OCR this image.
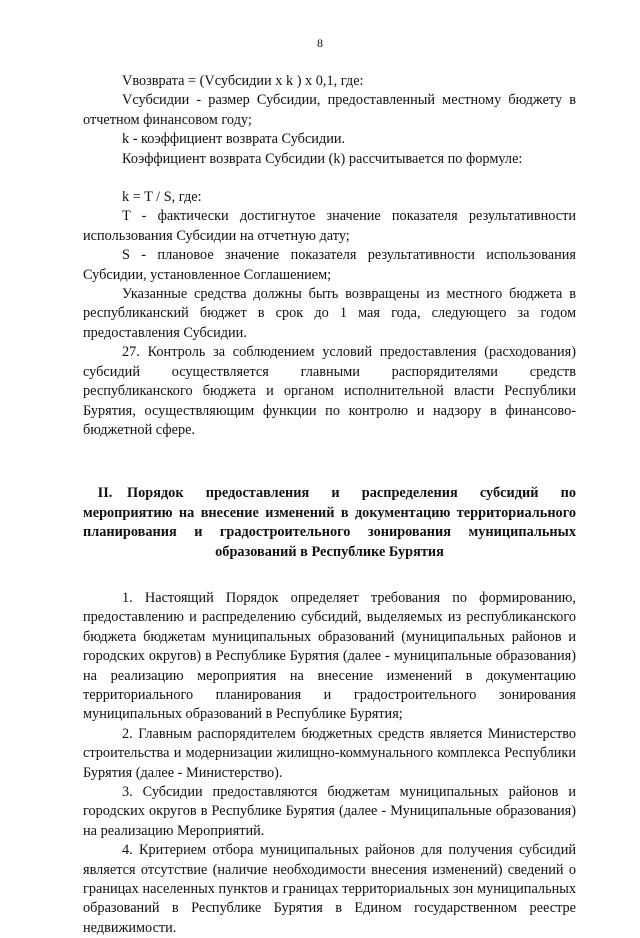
8

Vвозврата = (Vсубсидии х k ) x 0,1, где:

Vсубсидии - размер Субсидии, предоставленный местному бюджету в отчетном финансовом году;

k - коэффициент возврата Субсидии.

Коэффициент возврата Субсидии (k) рассчитывается по формуле:

k = T / S, где:

T - фактически достигнутое значение показателя результативности использования Субсидии на отчетную дату;

S - плановое значение показателя результативности использования Субсидии, установленное Соглашением;

Указанные средства должны быть возвращены из местного бюджета в республиканский бюджет в срок до 1 мая года, следующего за годом предоставления Субсидии.

27. Контроль за соблюдением условий предоставления (расходования) субсидий осуществляется главными распорядителями средств республиканского бюджета и органом исполнительной власти Республики Бурятия, осуществляющим функции по контролю и надзору в финансово-бюджетной сфере.

II. Порядок предоставления и распределения субсидий по мероприятию на внесение изменений в документацию территориального планирования и градостроительного зонирования муниципальных образований в Республике Бурятия

1. Настоящий Порядок определяет требования по формированию, предоставлению и распределению субсидий, выделяемых из республиканского бюджета бюджетам муниципальных образований (муниципальных районов и городских округов) в Республике Бурятия (далее - муниципальные образования) на реализацию мероприятия на внесение изменений в документацию территориального планирования и градостроительного зонирования муниципальных образований в Республике Бурятия;

2. Главным распорядителем бюджетных средств является Министерство строительства и модернизации жилищно-коммунального комплекса Республики Бурятия (далее - Министерство).

3. Субсидии предоставляются бюджетам муниципальных районов и городских округов в Республике Бурятия (далее - Муниципальные образования) на реализацию Мероприятий.

4. Критерием отбора муниципальных районов для получения субсидий является отсутствие (наличие необходимости внесения изменений) сведений о границах населенных пунктов и границах территориальных зон муниципальных образований в Республике Бурятия в Едином государственном реестре недвижимости.
